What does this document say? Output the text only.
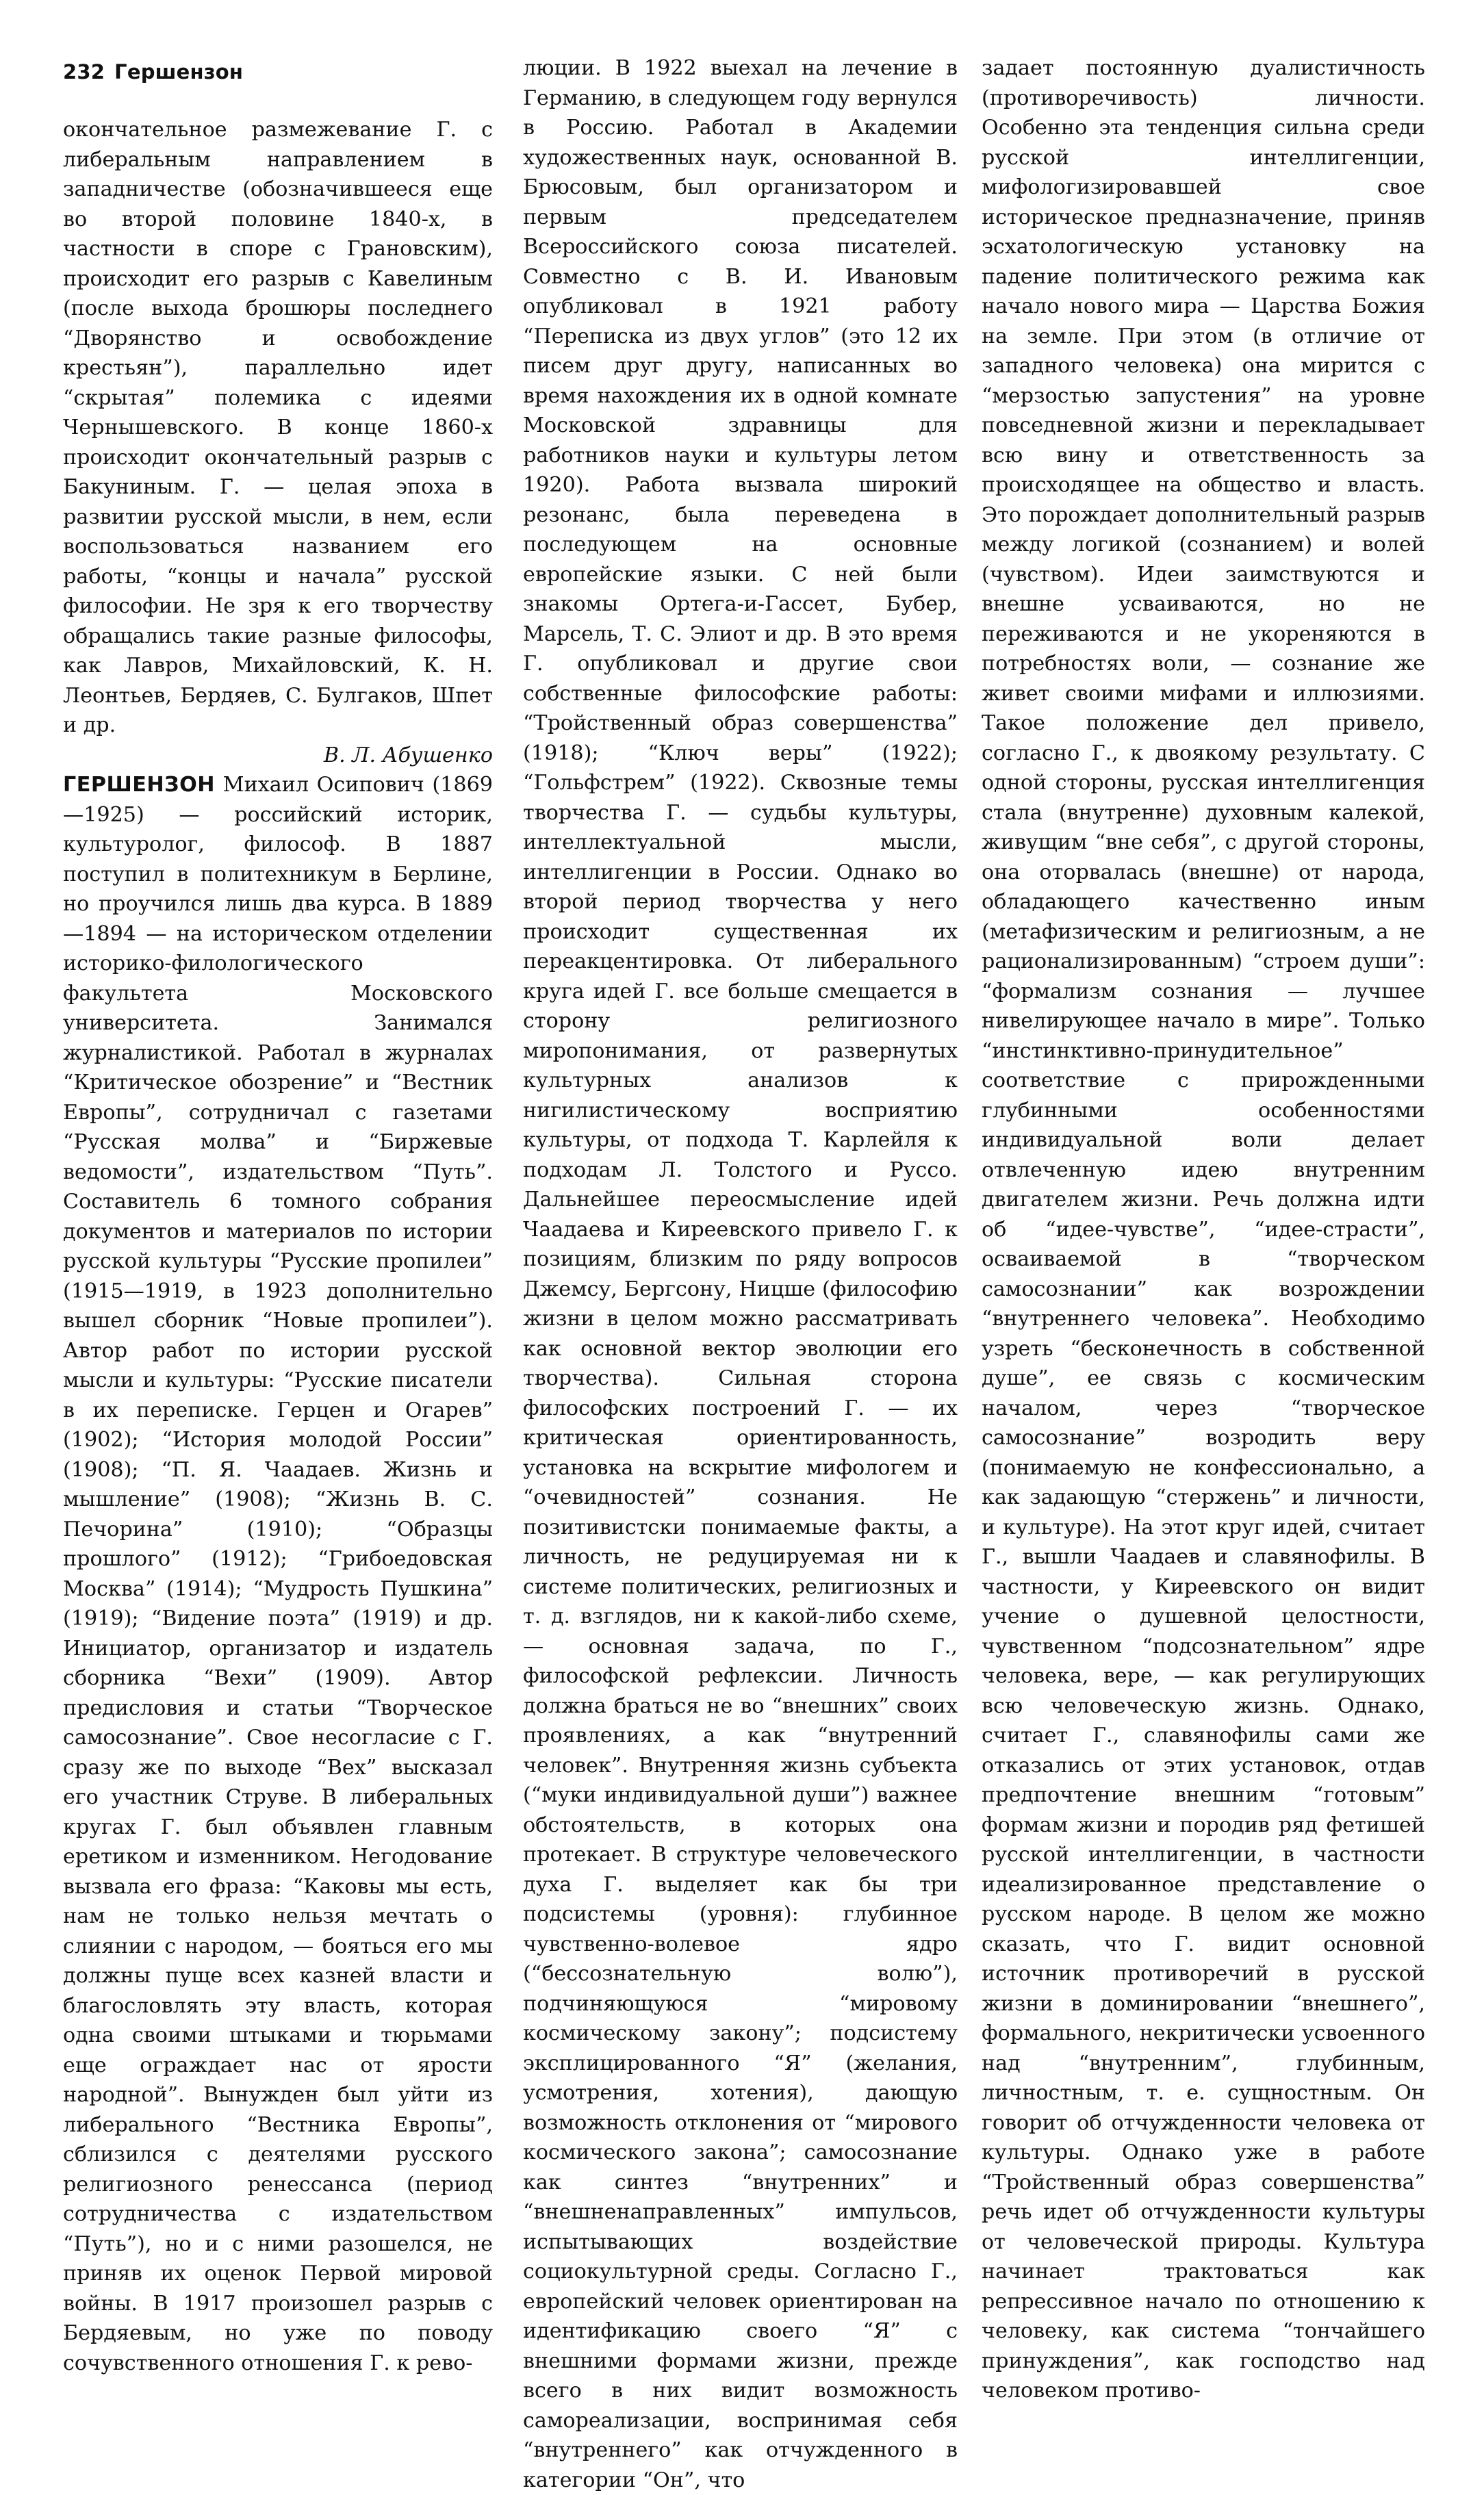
232 Гершензон

окончательное размежевание Г. с либеральным направлением в западничестве (обозначившееся еще во второй половине 1840-х, в частности в споре с Грановским), происходит его разрыв с Кавелиным (после выхода брошюры последнего “Дворянство и освобождение крестьян”), параллельно идет “скрытая” полемика с идеями Чернышевского. В конце 1860-х происходит окончательный разрыв с Бакуниным. Г. — целая эпоха в развитии русской мысли, в нем, если воспользоваться названием его работы, “концы и начала” русской философии. Не зря к его творчеству обращались такие разные философы, как Лавров, Михайловский, К. Н. Леонтьев, Бердяев, С. Булгаков, Шпет и др.

В. Л. Абушенко

ГЕРШЕНЗОН Михаил Осипович (1869—1925) — российский историк, культуролог, философ. В 1887 поступил в политехникум в Берлине, но проучился лишь два курса. В 1889—1894 — на историческом отделении историко-филологического факультета Московского университета. Занимался журналистикой. Работал в журналах “Критическое обозрение” и “Вестник Европы”, сотрудничал с газетами “Русская молва” и “Биржевые ведомости”, издательством “Путь”. Составитель 6 томного собрания документов и материалов по истории русской культуры “Русские пропилеи” (1915—1919, в 1923 дополнительно вышел сборник “Новые пропилеи”). Автор работ по истории русской мысли и культуры: “Русские писатели в их переписке. Герцен и Огарев” (1902); “История молодой России” (1908); “П. Я. Чаадаев. Жизнь и мышление” (1908); “Жизнь В. С. Печорина” (1910); “Образцы прошлого” (1912); “Грибоедовская Москва” (1914); “Мудрость Пушкина” (1919); “Видение поэта” (1919) и др. Инициатор, организатор и издатель сборника “Вехи” (1909). Автор предисловия и статьи “Творческое самосознание”. Свое несогласие с Г. сразу же по выходе “Вех” высказал его участник Струве. В либеральных кругах Г. был объявлен главным еретиком и изменником. Негодование вызвала его фраза: “Каковы мы есть, нам не только нельзя мечтать о слиянии с народом, — бояться его мы должны пуще всех казней власти и благословлять эту власть, которая одна своими штыками и тюрьмами еще ограждает нас от ярости народной”. Вынужден был уйти из либерального “Вестника Европы”, сблизился с деятелями русского религиозного ренессанса (период сотрудничества с издательством “Путь”), но и с ними разошелся, не приняв их оценок Первой мировой войны. В 1917 произошел разрыв с Бердяевым, но уже по поводу сочувственного отношения Г. к рево-

люции. В 1922 выехал на лечение в Германию, в следующем году вернулся в Россию. Работал в Академии художественных наук, основанной В. Брюсовым, был организатором и первым председателем Всероссийского союза писателей. Совместно с В. И. Ивановым опубликовал в 1921 работу “Переписка из двух углов” (это 12 их писем друг другу, написанных во время нахождения их в одной комнате Московской здравницы для работников науки и культуры летом 1920). Работа вызвала широкий резонанс, была переведена в последующем на основные европейские языки. С ней были знакомы Ортега-и-Гассет, Бубер, Марсель, Т. С. Элиот и др. В это время Г. опубликовал и другие свои собственные философские работы: “Тройственный образ совершенства” (1918); “Ключ веры” (1922); “Гольфстрем” (1922). Сквозные темы творчества Г. — судьбы культуры, интеллектуальной мысли, интеллигенции в России. Однако во второй период творчества у него происходит существенная их переакцентировка. От либерального круга идей Г. все больше смещается в сторону религиозного миропонимания, от развернутых культурных анализов к нигилистическому восприятию культуры, от подхода Т. Карлейля к подходам Л. Толстого и Руссо. Дальнейшее переосмысление идей Чаадаева и Киреевского привело Г. к позициям, близким по ряду вопросов Джемсу, Бергсону, Ницше (философию жизни в целом можно рассматривать как основной вектор эволюции его творчества). Сильная сторона философских построений Г. — их критическая ориентированность, установка на вскрытие мифологем и “очевидностей” сознания. Не позитивистски понимаемые факты, а личность, не редуцируемая ни к системе политических, религиозных и т. д. взглядов, ни к какой-либо схеме, — основная задача, по Г., философской рефлексии. Личность должна браться не во “внешних” своих проявлениях, а как “внутренний человек”. Внутренняя жизнь субъекта (“муки индивидуальной души”) важнее обстоятельств, в которых она протекает. В структуре человеческого духа Г. выделяет как бы три подсистемы (уровня): глубинное чувственно-волевое ядро (“бессознательную волю”), подчиняющуюся “мировому космическому закону”; подсистему эксплицированного “Я” (желания, усмотрения, хотения), дающую возможность отклонения от “мирового космического закона”; самосознание как синтез “внутренних” и “внешненаправленных” импульсов, испытывающих воздействие социокультурной среды. Согласно Г., европейский человек ориентирован на идентификацию своего “Я” с внешними формами жизни, прежде всего в них видит возможность самореализации, воспринимая себя “внутреннего” как отчужденного в категории “Он”, что

задает постоянную дуалистичность (противоречивость) личности. Особенно эта тенденция сильна среди русской интеллигенции, мифологизировавшей свое историческое предназначение, приняв эсхатологическую установку на падение политического режима как начало нового мира — Царства Божия на земле. При этом (в отличие от западного человека) она мирится с “мерзостью запустения” на уровне повседневной жизни и перекладывает всю вину и ответственность за происходящее на общество и власть. Это порождает дополнительный разрыв между логикой (сознанием) и волей (чувством). Идеи заимствуются и внешне усваиваются, но не переживаются и не укореняются в потребностях воли, — сознание же живет своими мифами и иллюзиями. Такое положение дел привело, согласно Г., к двоякому результату. С одной стороны, русская интеллигенция стала (внутренне) духовным калекой, живущим “вне себя”, с другой стороны, она оторвалась (внешне) от народа, обладающего качественно иным (метафизическим и религиозным, а не рационализированным) “строем души”: “формализм сознания — лучшее нивелирующее начало в мире”. Только “инстинктивно-принудительное” соответствие с прирожденными глубинными особенностями индивидуальной воли делает отвлеченную идею внутренним двигателем жизни. Речь должна идти об “идее-чувстве”, “идее-страсти”, осваиваемой в “творческом самосознании” как возрождении “внутреннего человека”. Необходимо узреть “бесконечность в собственной душе”, ее связь с космическим началом, через “творческое самосознание” возродить веру (понимаемую не конфессионально, а как задающую “стержень” и личности, и культуре). На этот круг идей, считает Г., вышли Чаадаев и славянофилы. В частности, у Киреевского он видит учение о душевной целостности, чувственном “подсознательном” ядре человека, вере, — как регулирующих всю человеческую жизнь. Однако, считает Г., славянофилы сами же отказались от этих установок, отдав предпочтение внешним “готовым” формам жизни и породив ряд фетишей русской интеллигенции, в частности идеализированное представление о русском народе. В целом же можно сказать, что Г. видит основной источник противоречий в русской жизни в доминировании “внешнего”, формального, некритически усвоенного над “внутренним”, глубинным, личностным, т. е. сущностным. Он говорит об отчужденности человека от культуры. Однако уже в работе “Тройственный образ совершенства” речь идет об отчужденности культуры от человеческой природы. Культура начинает трактоваться как репрессивное начало по отношению к человеку, как система “тончайшего принуждения”, как господство над человеком противо-
